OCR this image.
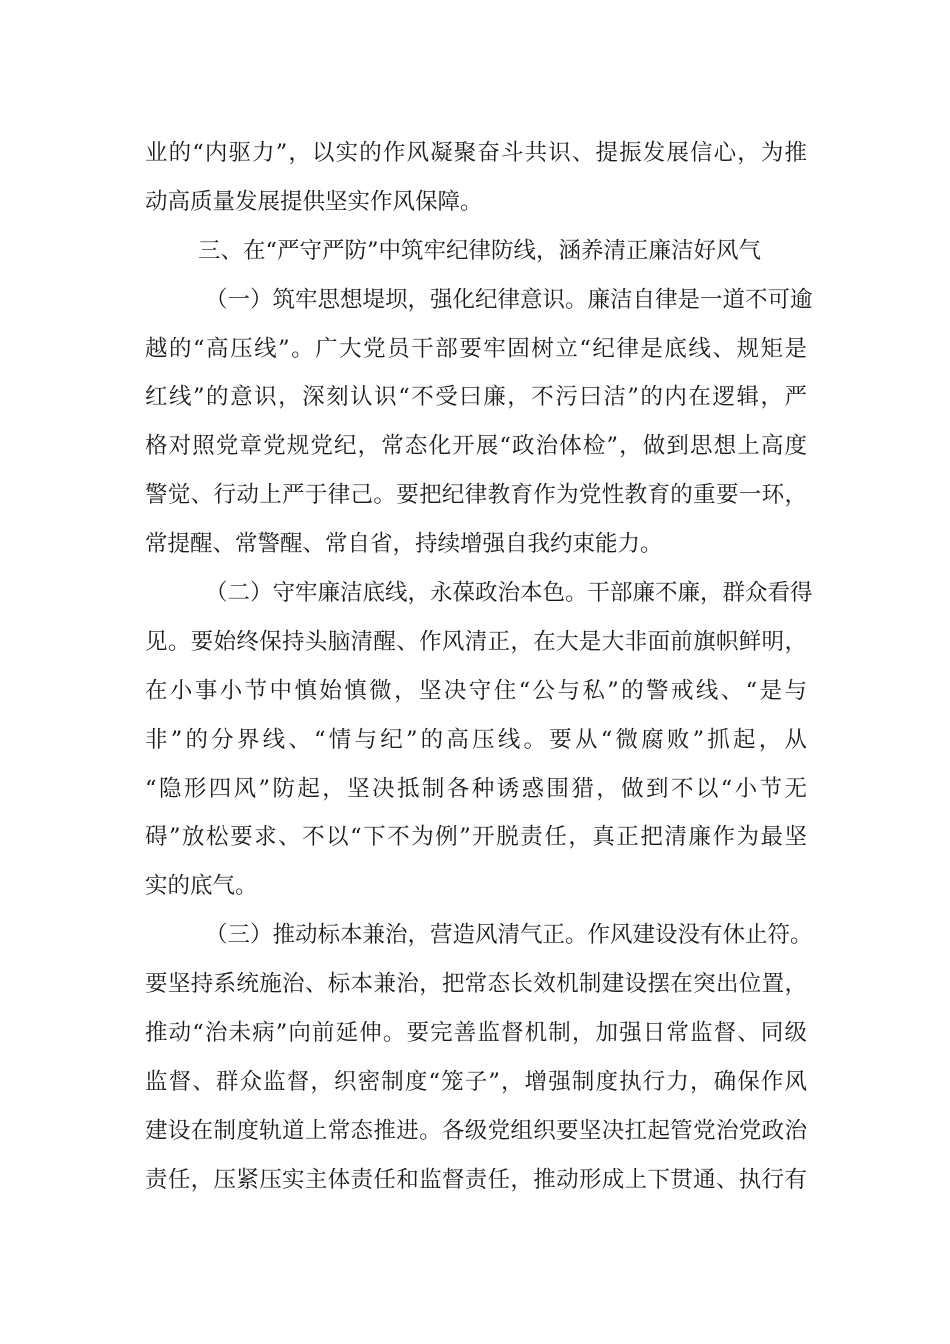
业的“内驱力”，以实的作风凝聚奋斗共识、提振发展信心，为推
动高质量发展提供坚实作风保障。
三、在“严守严防”中筑牢纪律防线，涵养清正廉洁好风气
（一）筑牢思想堤坝，强化纪律意识。廉洁自律是一道不可逾
越的“高压线”。广大党员干部要牢固树立“纪律是底线、规矩是
红线”的意识，深刻认识“不受曰廉，不污曰洁”的内在逻辑，严
格对照党章党规党纪，常态化开展“政治体检”，做到思想上高度
警觉、行动上严于律己。要把纪律教育作为党性教育的重要一环，
常提醒、常警醒、常自省，持续增强自我约束能力。
（二）守牢廉洁底线，永葆政治本色。干部廉不廉，群众看得
见。要始终保持头脑清醒、作风清正，在大是大非面前旗帜鲜明，
在小事小节中慎始慎微，坚决守住“公与私”的警戒线、“是与
非”的分界线、“情与纪”的高压线。要从“微腐败”抓起，从
“隐形四风”防起，坚决抵制各种诱惑围猎，做到不以“小节无
碍”放松要求、不以“下不为例”开脱责任，真正把清廉作为最坚
实的底气。
（三）推动标本兼治，营造风清气正。作风建设没有休止符。
要坚持系统施治、标本兼治，把常态长效机制建设摆在突出位置，
推动“治未病”向前延伸。要完善监督机制，加强日常监督、同级
监督、群众监督，织密制度“笼子”，增强制度执行力，确保作风
建设在制度轨道上常态推进。各级党组织要坚决扛起管党治党政治
责任，压紧压实主体责任和监督责任，推动形成上下贯通、执行有
